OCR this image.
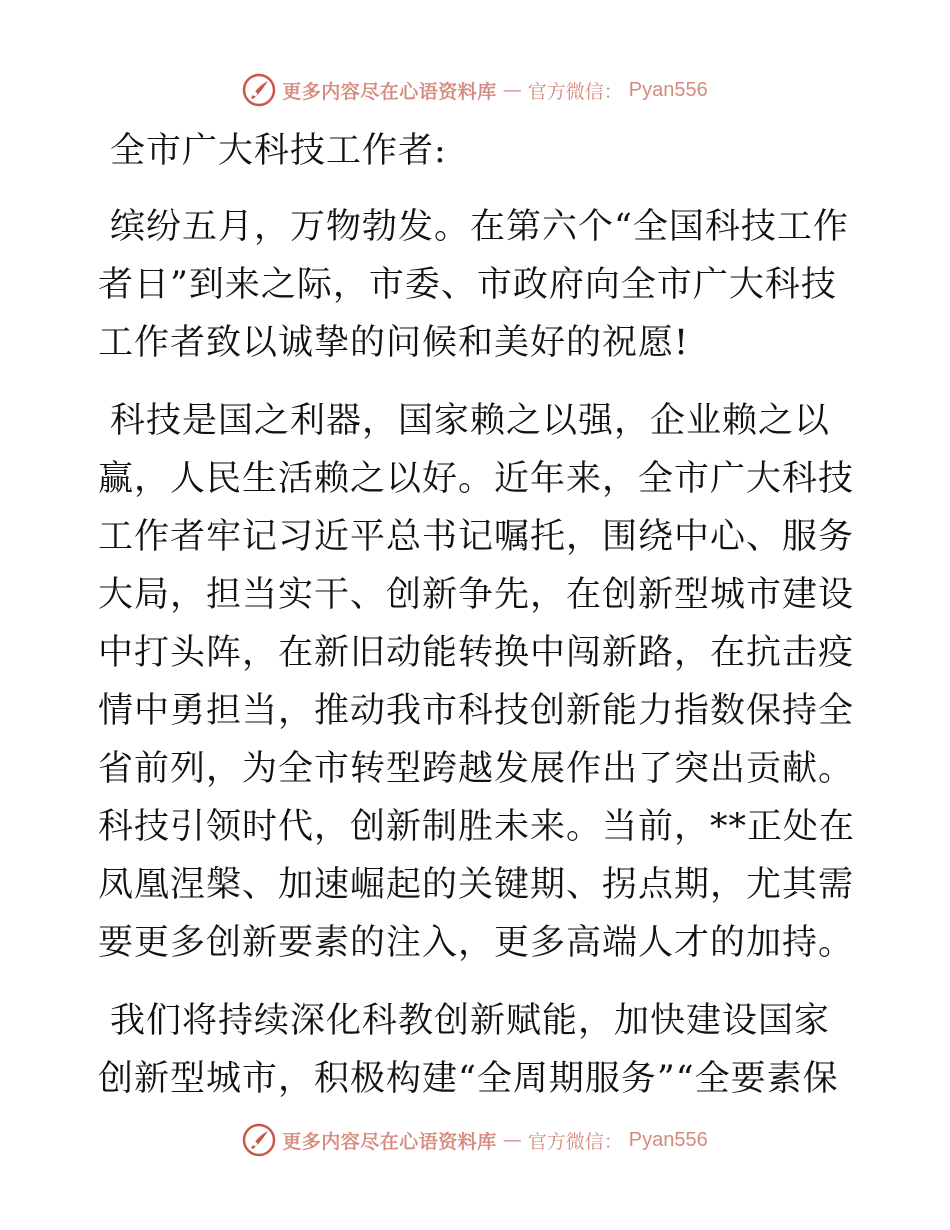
更多内容尽在心语资料库 — 官方微信： Pyan556

全市广大科技工作者:

缤纷五月，万物勃发。在第六个“全国科技工作者日”到来之际，市委、市政府向全市广大科技工作者致以诚挚的问候和美好的祝愿!

科技是国之利器，国家赖之以强，企业赖之以赢，人民生活赖之以好。近年来，全市广大科技工作者牢记习近平总书记嘱托，围绕中心、服务大局，担当实干、创新争先，在创新型城市建设中打头阵，在新旧动能转换中闯新路，在抗击疫情中勇担当，推动我市科技创新能力指数保持全省前列，为全市转型跨越发展作出了突出贡献。科技引领时代，创新制胜未来。当前，**正处在凤凰涅槃、加速崛起的关键期、拐点期，尤其需要更多创新要素的注入，更多高端人才的加持。

我们将持续深化科教创新赋能，加快建设国家创新型城市，积极构建“全周期服务”“全要素保

更多内容尽在心语资料库 — 官方微信： Pyan556
